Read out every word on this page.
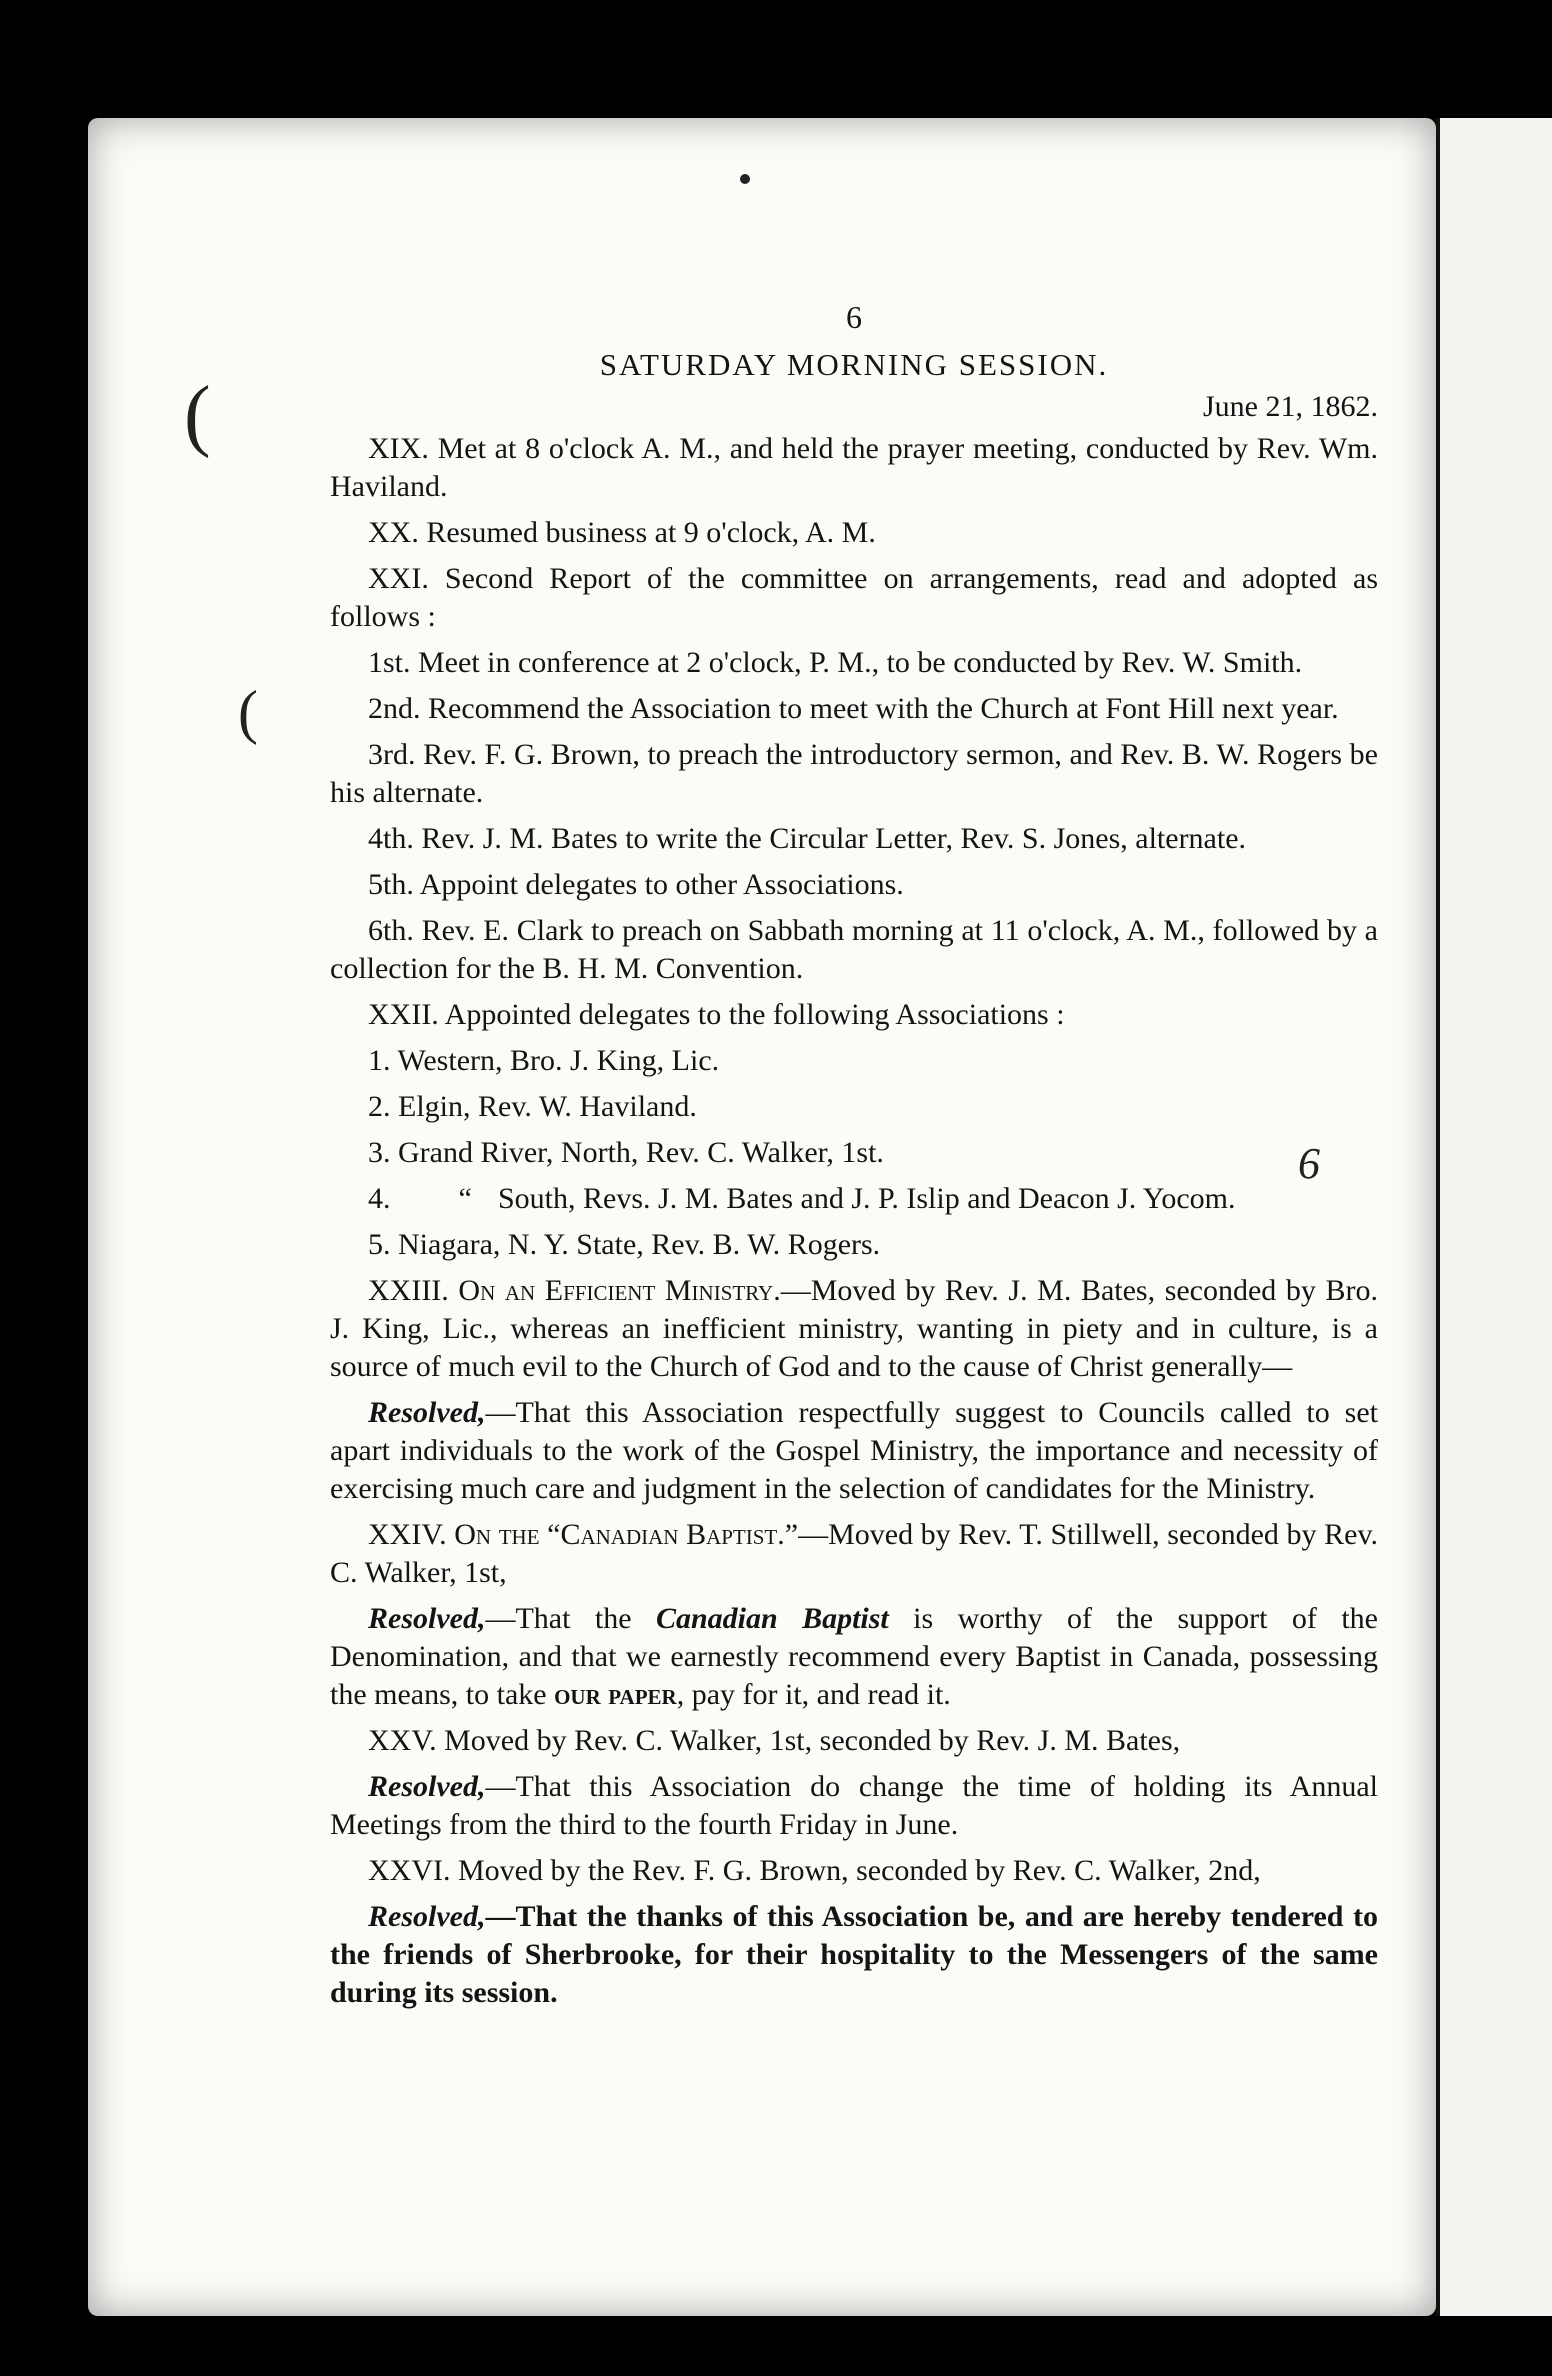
(
(
6
6
SATURDAY MORNING SESSION.
June 21, 1862.

XIX. Met at 8 o'clock A. M., and held the prayer meeting, conducted by Rev. Wm. Haviland.

XX. Resumed business at 9 o'clock, A. M.

XXI. Second Report of the committee on arrangements, read and adopted as follows :

1st. Meet in conference at 2 o'clock, P. M., to be conducted by Rev. W. Smith.

2nd. Recommend the Association to meet with the Church at Font Hill next year.

3rd. Rev. F. G. Brown, to preach the introductory sermon, and Rev. B. W. Rogers be his alternate.

4th. Rev. J. M. Bates to write the Circular Letter, Rev. S. Jones, alternate.

5th. Appoint delegates to other Associations.

6th. Rev. E. Clark to preach on Sabbath morning at 11 o'clock, A. M., followed by a collection for the B. H. M. Convention.

XXII. Appointed delegates to the following Associations :

1. Western, Bro. J. King, Lic.
2. Elgin, Rev. W. Haviland.
3. Grand River, North, Rev. C. Walker, 1st.

4. “ South, Revs. J. M. Bates and J. P. Islip and Deacon J. Yocom.

5. Niagara, N. Y. State, Rev. B. W. Rogers.

XXIII. On an Efficient Ministry.—Moved by Rev. J. M. Bates, seconded by Bro. J. King, Lic., whereas an inefficient ministry, wanting in piety and in culture, is a source of much evil to the Church of God and to the cause of Christ generally—

Resolved,—That this Association respectfully suggest to Councils called to set apart individuals to the work of the Gospel Ministry, the importance and necessity of exercising much care and judgment in the selection of candidates for the Ministry.

XXIV. On the “Canadian Baptist.”—Moved by Rev. T. Stillwell, seconded by Rev. C. Walker, 1st,

Resolved,—That the Canadian Baptist is worthy of the support of the Denomination, and that we earnestly recommend every Baptist in Canada, possessing the means, to take our paper, pay for it, and read it.

XXV. Moved by Rev. C. Walker, 1st, seconded by Rev. J. M. Bates,

Resolved,—That this Association do change the time of holding its Annual Meetings from the third to the fourth Friday in June.

XXVI. Moved by the Rev. F. G. Brown, seconded by Rev. C. Walker, 2nd,

Resolved,—That the thanks of this Association be, and are hereby tendered to the friends of Sherbrooke, for their hospitality to the Messengers of the same during its session.
